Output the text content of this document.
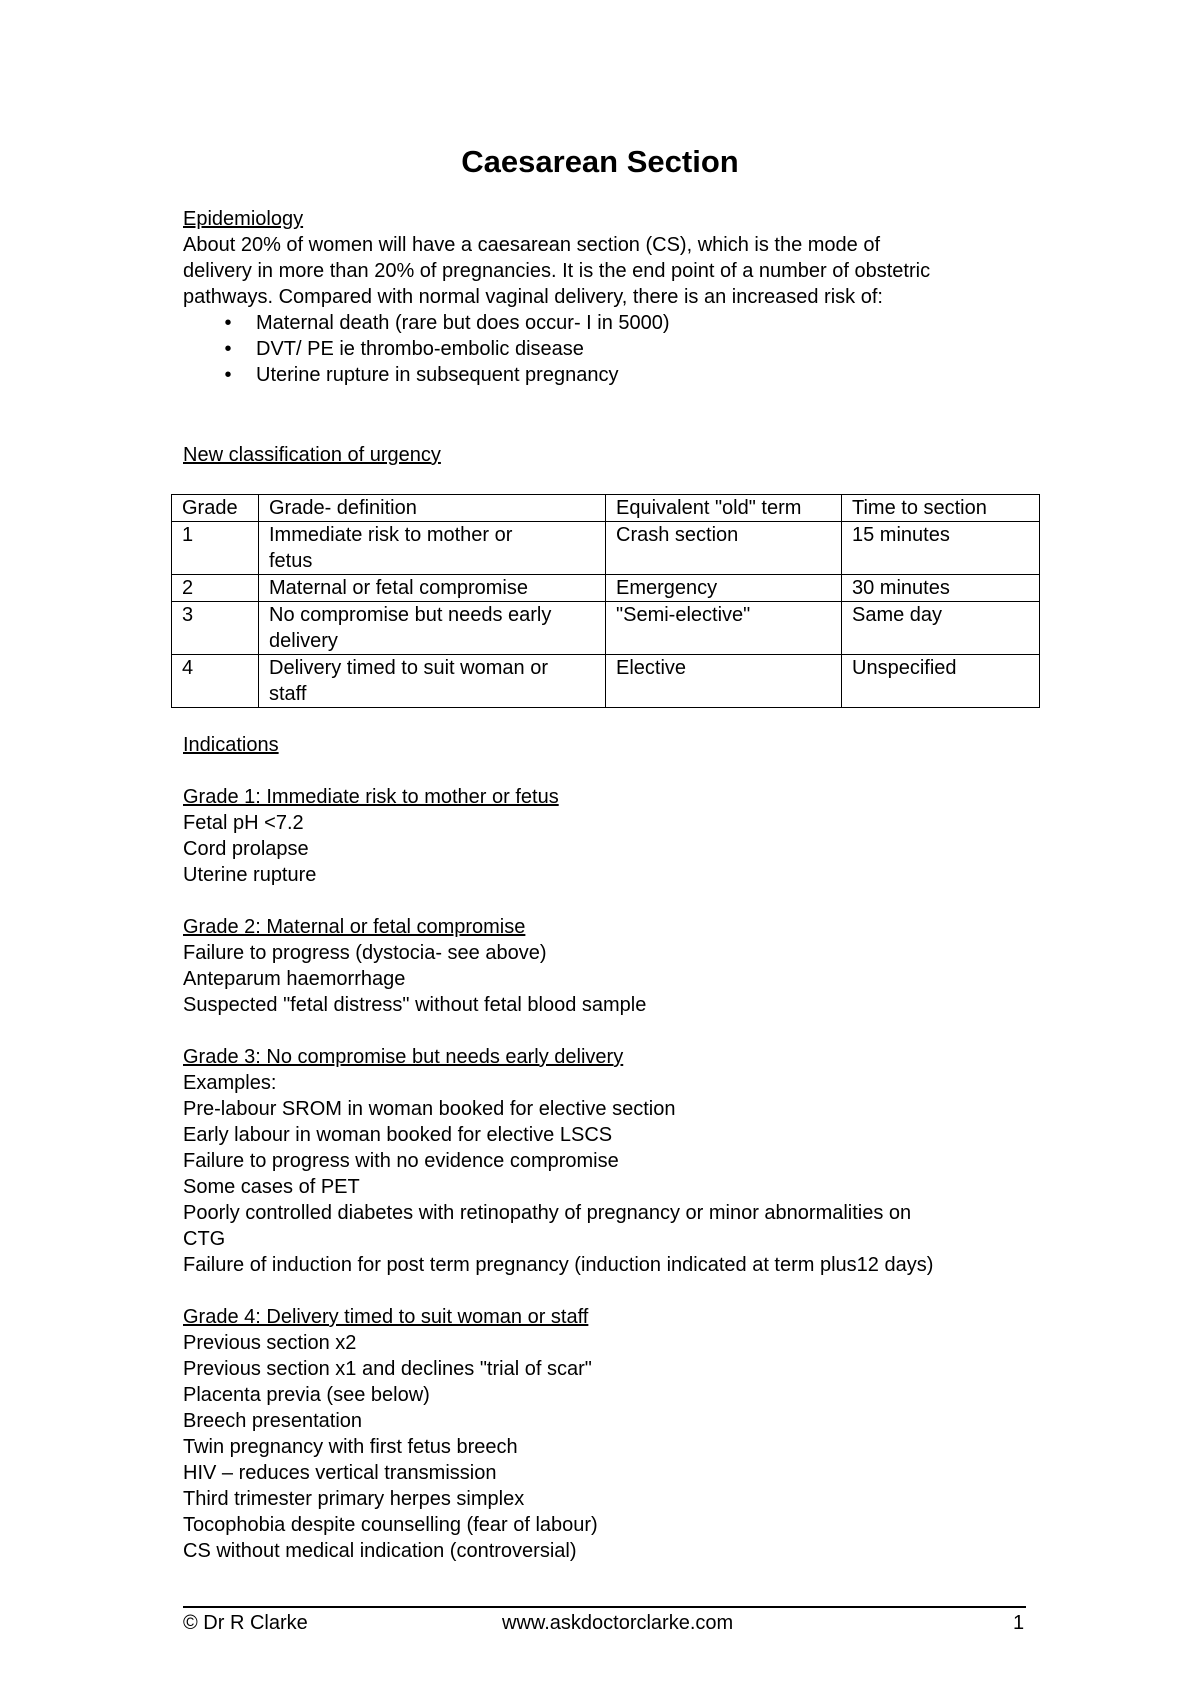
Caesarean Section
Epidemiology
About 20% of women will have a caesarean section (CS), which is the mode of
delivery in more than 20% of pregnancies. It is the end point of a number of obstetric
pathways. Compared with normal vaginal delivery, there is an increased risk of:
•	Maternal death (rare but does occur- I in 5000)
•	DVT/ PE ie thrombo-embolic disease
•	Uterine rupture in subsequent pregnancy
New classification of urgency
Grade	Grade- definition	Equivalent "old" term	Time to section
1	Immediate risk to mother or
fetus	Crash section	15 minutes
2	Maternal or fetal compromise	Emergency	30 minutes
3	No compromise but needs early
delivery	"Semi-elective"	Same day
4	Delivery timed to suit woman or
staff	Elective	Unspecified
Indications
Grade 1: Immediate risk to mother or fetus
Fetal pH <7.2
Cord prolapse
Uterine rupture
Grade 2: Maternal or fetal compromise
Failure to progress (dystocia- see above)
Anteparum haemorrhage
Suspected "fetal distress" without fetal blood sample
Grade 3: No compromise but needs early delivery
Examples:
Pre-labour SROM in woman booked for elective section
Early labour in woman booked for elective LSCS
Failure to progress with no evidence compromise
Some cases of PET
Poorly controlled diabetes with retinopathy of pregnancy or minor abnormalities on
CTG
Failure of induction for post term pregnancy (induction indicated at term plus12 days)
Grade 4: Delivery timed to suit woman or staff
Previous section x2
Previous section x1 and declines "trial of scar"
Placenta previa (see below)
Breech presentation
Twin pregnancy with first fetus breech
HIV – reduces vertical transmission
Third trimester primary herpes simplex
Tocophobia despite counselling (fear of labour)
CS without medical indication (controversial)
© Dr R Clarke	www.askdoctorclarke.com	1
